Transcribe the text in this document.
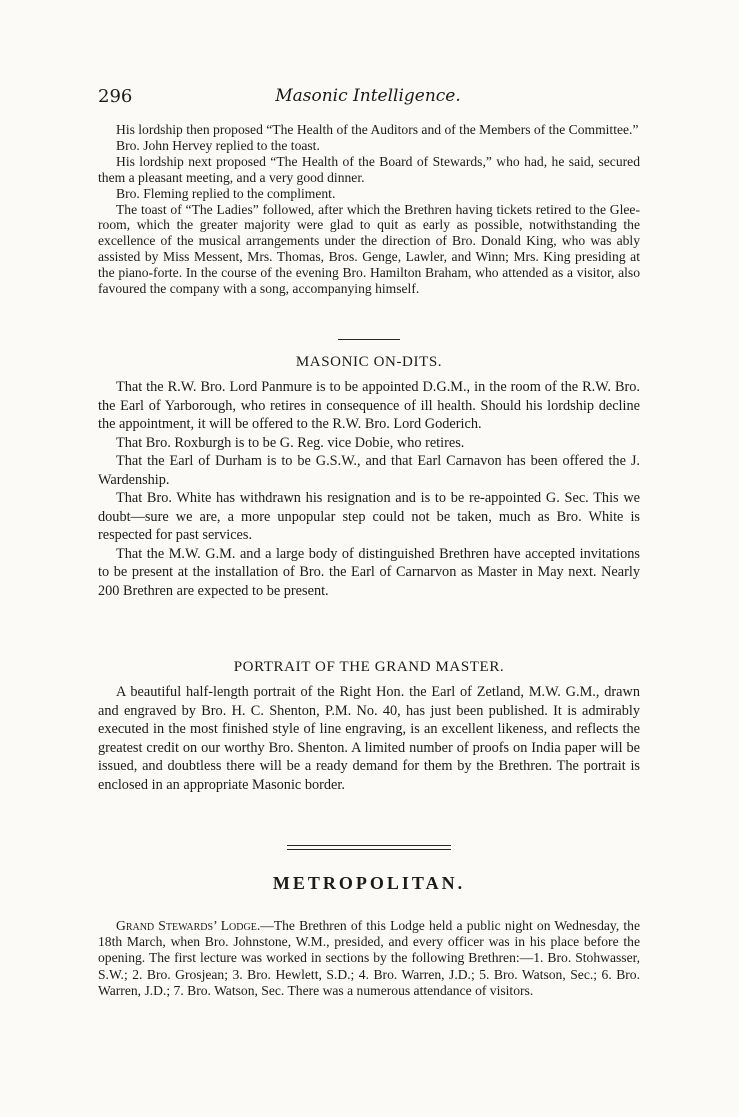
296	Masonic Intelligence.

His lordship then proposed “The Health of the Auditors and of the Members of the Committee.”

Bro. John Hervey replied to the toast.

His lordship next proposed “The Health of the Board of Stewards,” who had, he said, secured them a pleasant meeting, and a very good dinner.

Bro. Fleming replied to the compliment.

The toast of “The Ladies” followed, after which the Brethren having tickets retired to the Glee-room, which the greater majority were glad to quit as early as possible, notwithstanding the excellence of the musical arrangements under the direction of Bro. Donald King, who was ably assisted by Miss Messent, Mrs. Thomas, Bros. Genge, Lawler, and Winn; Mrs. King presiding at the piano-forte. In the course of the evening Bro. Hamilton Braham, who attended as a visitor, also favoured the company with a song, accompanying himself.

MASONIC ON-DITS.

That the R.W. Bro. Lord Panmure is to be appointed D.G.M., in the room of the R.W. Bro. the Earl of Yarborough, who retires in consequence of ill health. Should his lordship decline the appointment, it will be offered to the R.W. Bro. Lord Goderich.

That Bro. Roxburgh is to be G. Reg. vice Dobie, who retires.

That the Earl of Durham is to be G.S.W., and that Earl Carnavon has been offered the J. Wardenship.

That Bro. White has withdrawn his resignation and is to be re-appointed G. Sec. This we doubt—sure we are, a more unpopular step could not be taken, much as Bro. White is respected for past services.

That the M.W. G.M. and a large body of distinguished Brethren have accepted invitations to be present at the installation of Bro. the Earl of Carnarvon as Master in May next. Nearly 200 Brethren are expected to be present.

PORTRAIT OF THE GRAND MASTER.

A beautiful half-length portrait of the Right Hon. the Earl of Zetland, M.W. G.M., drawn and engraved by Bro. H. C. Shenton, P.M. No. 40, has just been published. It is admirably executed in the most finished style of line engraving, is an excellent likeness, and reflects the greatest credit on our worthy Bro. Shenton. A limited number of proofs on India paper will be issued, and doubtless there will be a ready demand for them by the Brethren. The portrait is enclosed in an appropriate Masonic border.

METROPOLITAN.

Grand Stewards’ Lodge.—The Brethren of this Lodge held a public night on Wednesday, the 18th March, when Bro. Johnstone, W.M., presided, and every officer was in his place before the opening. The first lecture was worked in sections by the following Brethren:—1. Bro. Stohwasser, S.W.; 2. Bro. Grosjean; 3. Bro. Hewlett, S.D.; 4. Bro. Warren, J.D.; 5. Bro. Watson, Sec.; 6. Bro. Warren, J.D.; 7. Bro. Watson, Sec. There was a numerous attendance of visitors.
